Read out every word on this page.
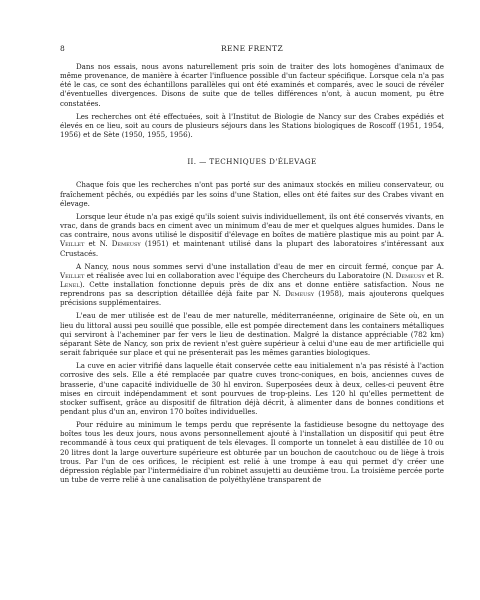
8	RENE FRENTZ

Dans nos essais, nous avons naturellement pris soin de traiter des lots homogènes d'animaux de même provenance, de manière à écarter l'influence possible d'un facteur spécifique. Lorsque cela n'a pas été le cas, ce sont des échantillons parallèles qui ont été examinés et comparés, avec le souci de révéler d'éventuelles divergences. Disons de suite que de telles différences n'ont, à aucun moment, pu être constatées.

Les recherches ont été effectuées, soit à l'Institut de Biologie de Nancy sur des Crabes expédiés et élevés en ce lieu, soit au cours de plusieurs séjours dans les Stations biologiques de Roscoff (1951, 1954, 1956) et de Sète (1950, 1955, 1956).

II. — TECHNIQUES D'ÉLEVAGE

Chaque fois que les recherches n'ont pas porté sur des animaux stockés en milieu conservateur, ou fraîchement pêchés, ou expédiés par les soins d'une Station, elles ont été faites sur des Crabes vivant en élevage.

Lorsque leur étude n'a pas exigé qu'ils soient suivis individuellement, ils ont été conservés vivants, en vrac, dans de grands bacs en ciment avec un minimum d'eau de mer et quelques algues humides. Dans le cas contraire, nous avons utilisé le dispositif d'élevage en boîtes de matière plastique mis au point par A. Veillet et N. Demeusy (1951) et maintenant utilisé dans la plupart des laboratoires s'intéressant aux Crustacés.

A Nancy, nous nous sommes servi d'une installation d'eau de mer en circuit fermé, conçue par A. Veillet et réalisée avec lui en collaboration avec l'équipe des Chercheurs du Laboratoire (N. Demeusy et R. Lenel). Cette installation fonctionne depuis près de dix ans et donne entière satisfaction. Nous ne reprendrons pas sa description détaillée déjà faite par N. Demeusy (1958), mais ajouterons quelques précisions supplémentaires.

L'eau de mer utilisée est de l'eau de mer naturelle, méditerranéenne, originaire de Sète où, en un lieu du littoral aussi peu souillé que possible, elle est pompée directement dans les containers métalliques qui serviront à l'acheminer par fer vers le lieu de destination. Malgré la distance appréciable (782 km) séparant Sète de Nancy, son prix de revient n'est guère supérieur à celui d'une eau de mer artificielle qui serait fabriquée sur place et qui ne présenterait pas les mêmes garanties biologiques.

La cuve en acier vitrifié dans laquelle était conservée cette eau initialement n'a pas résisté à l'action corrosive des sels. Elle a été remplacée par quatre cuves tronc-coniques, en bois, anciennes cuves de brasserie, d'une capacité individuelle de 30 hl environ. Superposées deux à deux, celles-ci peuvent être mises en circuit indépendamment et sont pourvues de trop-pleins. Les 120 hl qu'elles permettent de stocker suffisent, grâce au dispositif de filtration déjà décrit, à alimenter dans de bonnes conditions et pendant plus d'un an, environ 170 boîtes individuelles.

Pour réduire au minimum le temps perdu que représente la fastidieuse besogne du nettoyage des boîtes tous les deux jours, nous avons personnellement ajouté à l'installation un dispositif qui peut être recommandé à tous ceux qui pratiquent de tels élevages. Il comporte un tonnelet à eau distillée de 10 ou 20 litres dont la large ouverture supérieure est obturée par un bouchon de caoutchouc ou de liège à trois trous. Par l'un de ces orifices, le récipient est relié à une trompe à eau qui permet d'y créer une dépression réglable par l'intermédiaire d'un robinet assujetti au deuxième trou. La troisième percée porte un tube de verre relié à une canalisation de polyéthylène transparent de
